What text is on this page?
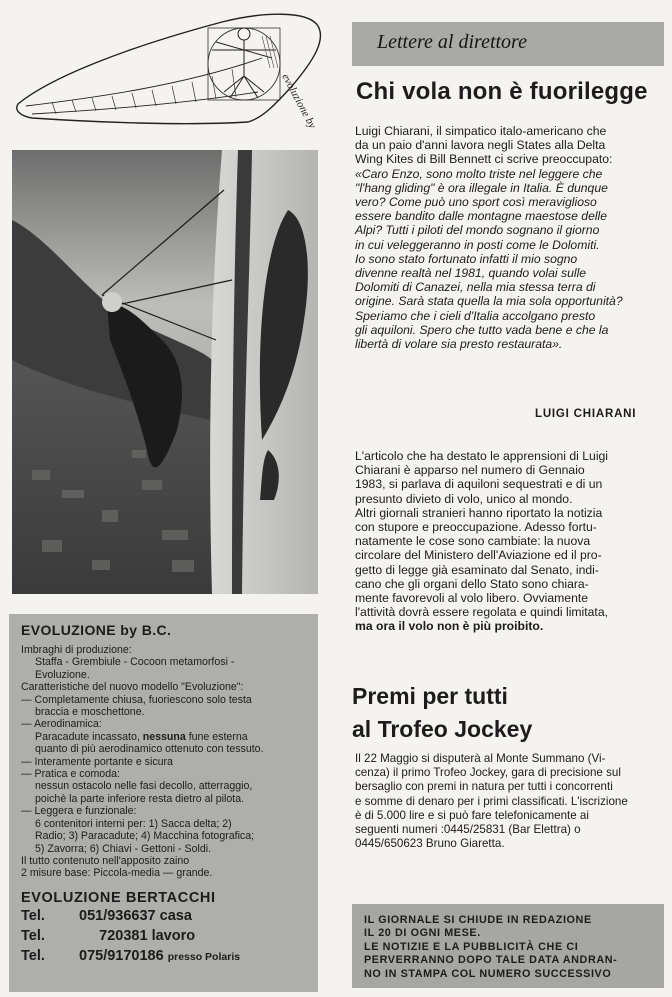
evoluzione by C.B.
EVOLUZIONE by B.C.
Imbraghi di produzione:
Staffa - Grembiule - Cocoon metamorfosi -
Evoluzione.
Caratteristiche del nuovo modello "Evoluzione":
— Completamente chiusa, fuoriescono solo testa
braccia e moschettone.
— Aerodinamica:
Paracadute incassato, nessuna fune esterna
quanto di più aerodinamico ottenuto con tessuto.
— Interamente portante e sicura
— Pratica e comoda:
nessun ostacolo nelle fasi decollo, atterraggio,
poichè la parte inferiore resta dietro al pilota.
— Leggera e funzionale:
6 contenitori interni per: 1) Sacca delta; 2)
Radio; 3) Paracadute; 4) Macchina fotografica;
5) Zavorra; 6) Chiavi - Gettoni - Soldi.
Il tutto contenuto nell'apposito zaino
2 misure base: Piccola-media — grande.
EVOLUZIONE BERTACCHI
Tel. 051/936637 casa
Tel.	720381 lavoro
Tel. 075/9170186 presso Polaris
Lettere al direttore
Chi vola non è fuorilegge
Luigi Chiarani, il simpatico italo-americano che
da un paio d'anni lavora negli States alla Delta
Wing Kites di Bill Bennett ci scrive preoccupato:
«Caro Enzo, sono molto triste nel leggere che
"l'hang gliding" è ora illegale in Italia. È dunque
vero? Come può uno sport così meraviglioso
essere bandito dalle montagne maestose delle
Alpi? Tutti i piloti del mondo sognano il giorno
in cui veleggeranno in posti come le Dolomiti.
Io sono stato fortunato infatti il mio sogno
divenne realtà nel 1981, quando volai sulle
Dolomiti di Canazei, nella mia stessa terra di
origine. Sarà stata quella la mia sola opportunità?
Speriamo che i cieli d'Italia accolgano presto
gli aquiloni. Spero che tutto vada bene e che la
libertà di volare sia presto restaurata».
LUIGI CHIARANI
L'articolo che ha destato le apprensioni di Luigi
Chiarani è apparso nel numero di Gennaio
1983, si parlava di aquiloni sequestrati e di un
presunto divieto di volo, unico al mondo.
Altri giornali stranieri hanno riportato la notizia
con stupore e preoccupazione. Adesso fortu-
natamente le cose sono cambiate: la nuova
circolare del Ministero dell'Aviazione ed il pro-
getto di legge già esaminato dal Senato, indi-
cano che gli organi dello Stato sono chiara-
mente favorevoli al volo libero. Ovviamente
l'attività dovrà essere regolata e quindi limitata,
ma ora il volo non è più proibito.
Premi per tutti
al Trofeo Jockey
Il 22 Maggio si disputerà al Monte Summano (Vi-
cenza) il primo Trofeo Jockey, gara di precisione sul
bersaglio con premi in natura per tutti i concorrenti
e somme di denaro per i primi classificati. L'iscrizione
è di 5.000 lire e si può fare telefonicamente ai
seguenti numeri :0445/25831 (Bar Elettra) o
0445/650623 Bruno Giaretta.
IL GIORNALE SI CHIUDE IN REDAZIONE
IL 20 DI OGNI MESE.
LE NOTIZIE E LA PUBBLICITÀ CHE CI
PERVERRANNO DOPO TALE DATA ANDRAN-
NO IN STAMPA COL NUMERO SUCCESSIVO
